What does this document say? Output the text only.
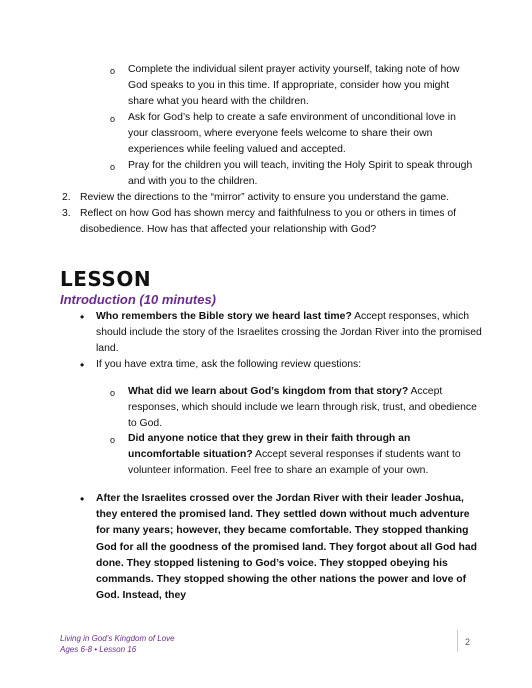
o Complete the individual silent prayer activity yourself, taking note of how God speaks to you in this time. If appropriate, consider how you might share what you heard with the children.
o Ask for God’s help to create a safe environment of unconditional love in your classroom, where everyone feels welcome to share their own experiences while feeling valued and accepted.
o Pray for the children you will teach, inviting the Holy Spirit to speak through and with you to the children.
2. Review the directions to the “mirror” activity to ensure you understand the game.
3. Reflect on how God has shown mercy and faithfulness to you or others in times of disobedience. How has that affected your relationship with God?
LESSON
Introduction (10 minutes)
• Who remembers the Bible story we heard last time? Accept responses, which should include the story of the Israelites crossing the Jordan River into the promised land.
• If you have extra time, ask the following review questions:
o What did we learn about God’s kingdom from that story? Accept responses, which should include we learn through risk, trust, and obedience to God.
o Did anyone notice that they grew in their faith through an uncomfortable situation? Accept several responses if students want to volunteer information. Feel free to share an example of your own.
• After the Israelites crossed over the Jordan River with their leader Joshua, they entered the promised land. They settled down without much adventure for many years; however, they became comfortable. They stopped thanking God for all the goodness of the promised land. They forgot about all God had done. They stopped listening to God’s voice. They stopped obeying his commands. They stopped showing the other nations the power and love of God. Instead, they
Living in God’s Kingdom of Love
Ages 6-8 • Lesson 16
2
